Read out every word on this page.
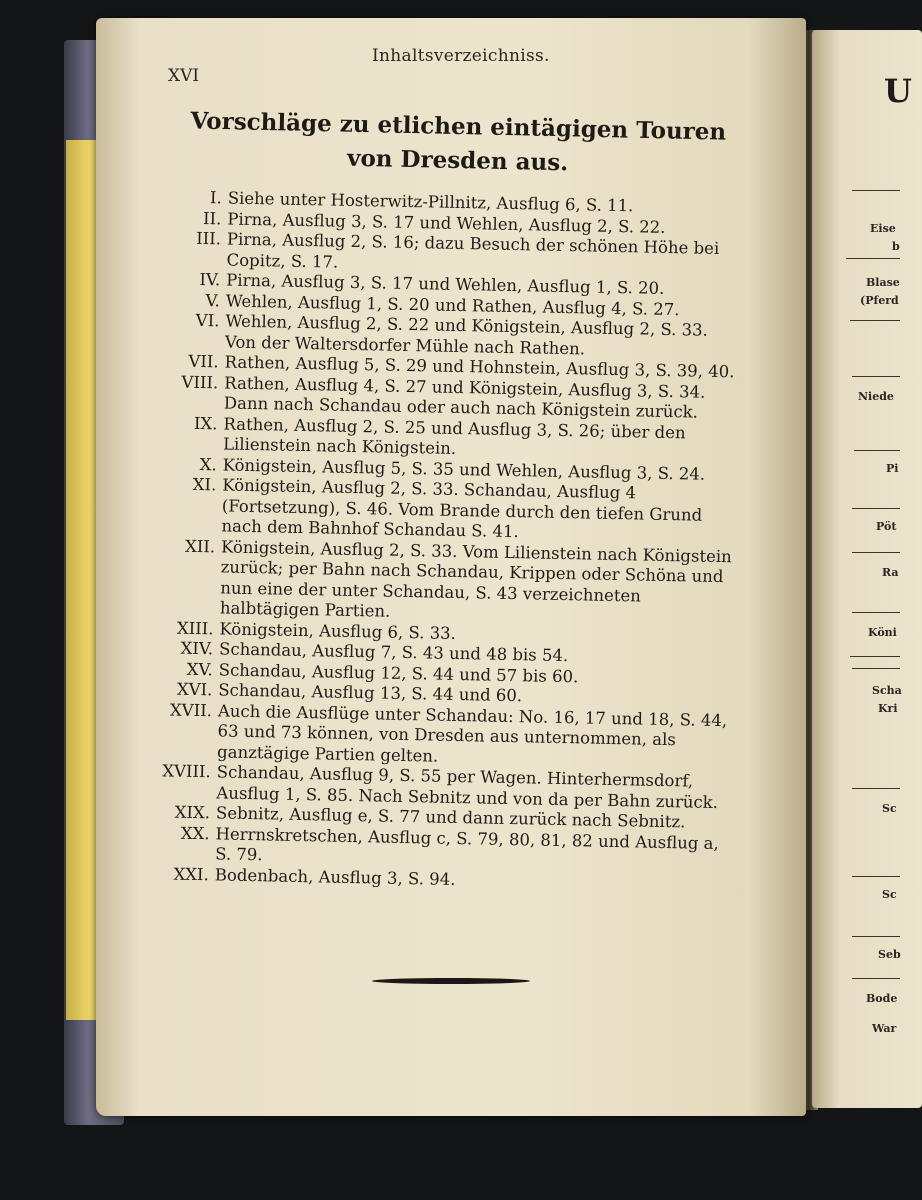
U
Eise
b
Blase
(Pferd
Niede
Pi
Pöt
Ra
Köni
Scha
Kri
Sc
Sc
Seb
Bode
War
Inhaltsverzeichniss.
XVI
Vorschläge zu etlichen eintägigen Touren von Dresden aus.
I. Siehe unter Hosterwitz-Pillnitz, Ausflug 6, S. 11.
II. Pirna, Ausflug 3, S. 17 und Wehlen, Ausflug 2, S. 22.
III. Pirna, Ausflug 2, S. 16; dazu Besuch der schönen Höhe bei Copitz, S. 17.
IV. Pirna, Ausflug 3, S. 17 und Wehlen, Ausflug 1, S. 20.
V. Wehlen, Ausflug 1, S. 20 und Rathen, Ausflug 4, S. 27.
VI. Wehlen, Ausflug 2, S. 22 und Königstein, Ausflug 2, S. 33. Von der Waltersdorfer Mühle nach Rathen.
VII. Rathen, Ausflug 5, S. 29 und Hohnstein, Ausflug 3, S. 39, 40.
VIII. Rathen, Ausflug 4, S. 27 und Königstein, Ausflug 3, S. 34. Dann nach Schandau oder auch nach Königstein zurück.
IX. Rathen, Ausflug 2, S. 25 und Ausflug 3, S. 26; über den Lilienstein nach Königstein.
X. Königstein, Ausflug 5, S. 35 und Wehlen, Ausflug 3, S. 24.
XI. Königstein, Ausflug 2, S. 33. Schandau, Ausflug 4 (Fortsetzung), S. 46. Vom Brande durch den tiefen Grund nach dem Bahnhof Schandau S. 41.
XII. Königstein, Ausflug 2, S. 33. Vom Lilienstein nach Königstein zurück; per Bahn nach Schandau, Krippen oder Schöna und nun eine der unter Schandau, S. 43 verzeichneten halbtägigen Partien.
XIII. Königstein, Ausflug 6, S. 33.
XIV. Schandau, Ausflug 7, S. 43 und 48 bis 54.
XV. Schandau, Ausflug 12, S. 44 und 57 bis 60.
XVI. Schandau, Ausflug 13, S. 44 und 60.
XVII. Auch die Ausflüge unter Schandau: No. 16, 17 und 18, S. 44, 63 und 73 können, von Dresden aus unternommen, als ganztägige Partien gelten.
XVIII. Schandau, Ausflug 9, S. 55 per Wagen. Hinterhermsdorf, Ausflug 1, S. 85. Nach Sebnitz und von da per Bahn zurück.
XIX. Sebnitz, Ausflug e, S. 77 und dann zurück nach Sebnitz.
XX. Herrnskretschen, Ausflug c, S. 79, 80, 81, 82 und Ausflug a, S. 79.
XXI. Bodenbach, Ausflug 3, S. 94.
